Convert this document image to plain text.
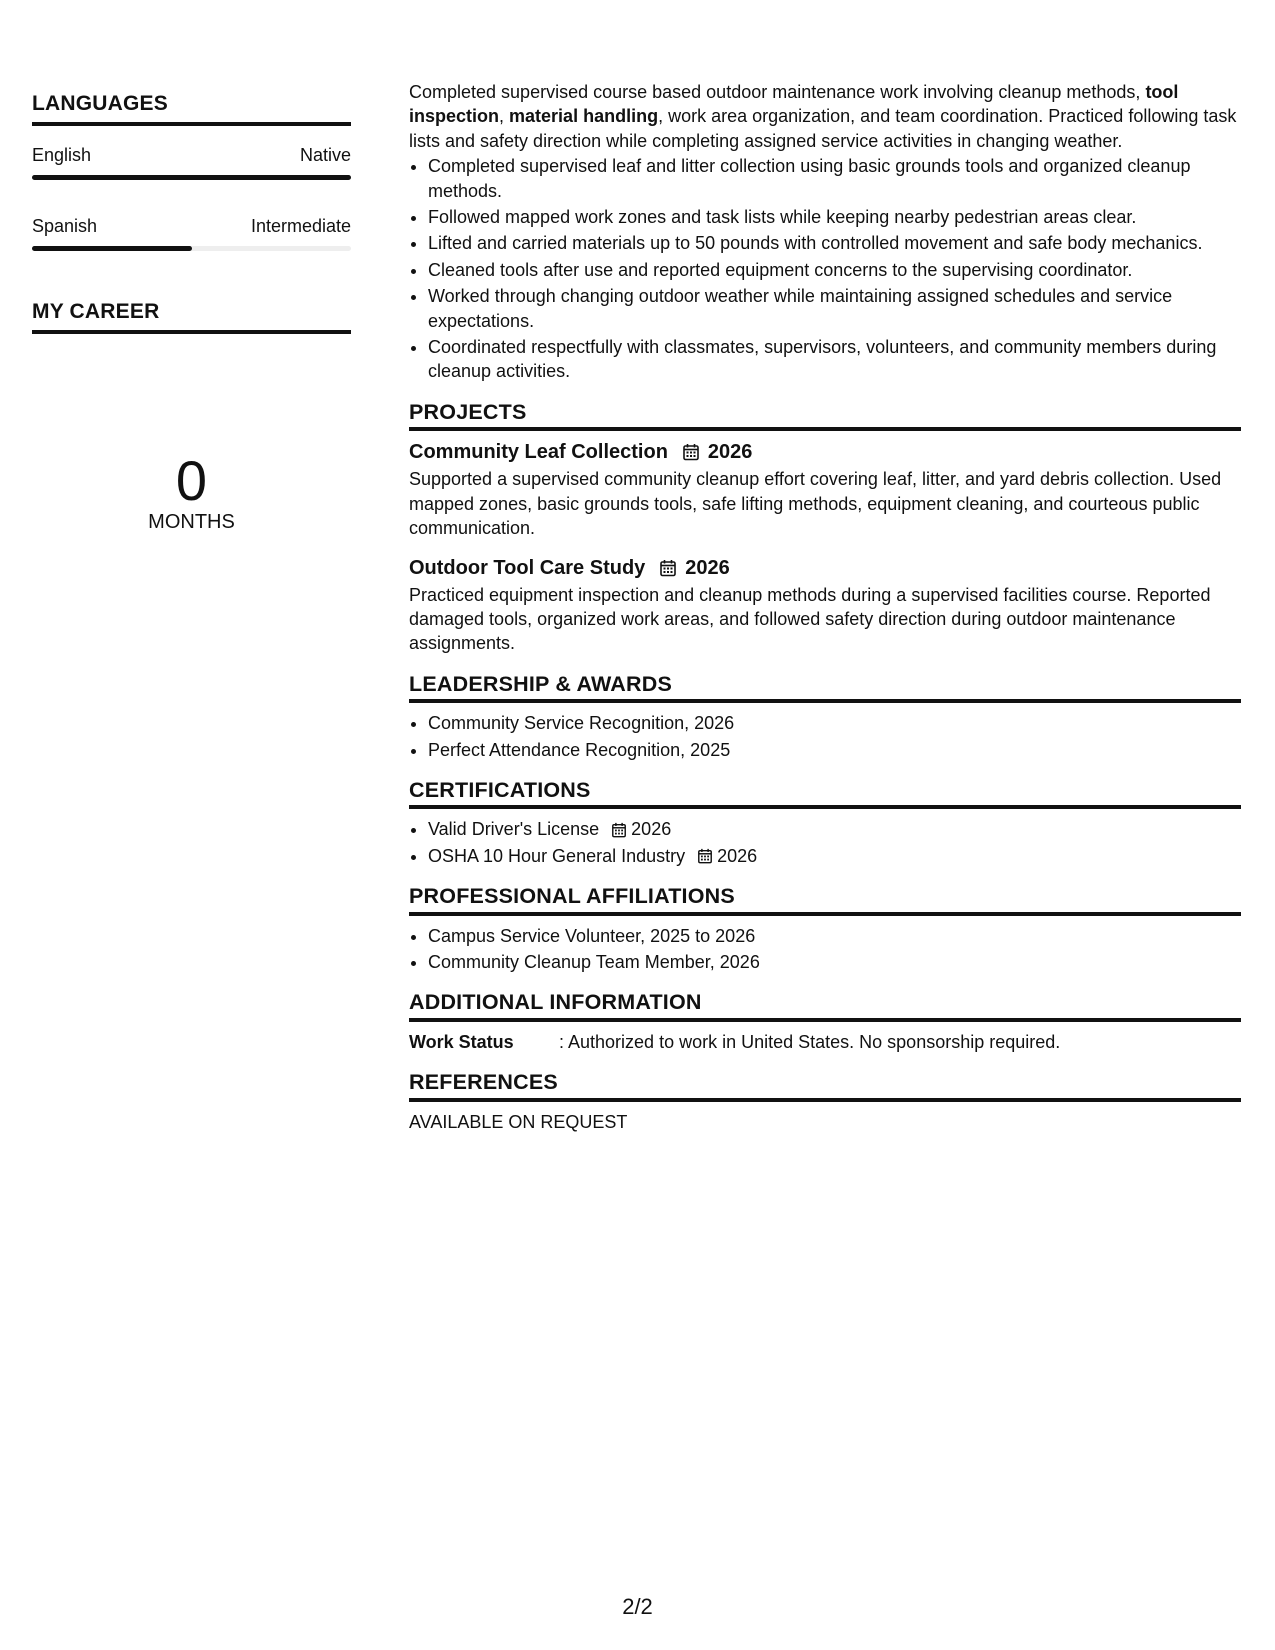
LANGUAGES
English	Native
Spanish	Intermediate
MY CAREER
0
MONTHS

Completed supervised course based outdoor maintenance work involving cleanup methods, tool inspection, material handling, work area organization, and team coordination. Practiced following task lists and safety direction while completing assigned service activities in changing weather.

• Completed supervised leaf and litter collection using basic grounds tools and organized cleanup methods.
• Followed mapped work zones and task lists while keeping nearby pedestrian areas clear.
• Lifted and carried materials up to 50 pounds with controlled movement and safe body mechanics.
• Cleaned tools after use and reported equipment concerns to the supervising coordinator.
• Worked through changing outdoor weather while maintaining assigned schedules and service expectations.
• Coordinated respectfully with classmates, supervisors, volunteers, and community members during cleanup activities.
PROJECTS
Community Leaf Collection 2026

Supported a supervised community cleanup effort covering leaf, litter, and yard debris collection. Used mapped zones, basic grounds tools, safe lifting methods, equipment cleaning, and courteous public communication.

Outdoor Tool Care Study 2026

Practiced equipment inspection and cleanup methods during a supervised facilities course. Reported damaged tools, organized work areas, and followed safety direction during outdoor maintenance assignments.

LEADERSHIP & AWARDS
• Community Service Recognition, 2026
• Perfect Attendance Recognition, 2025
CERTIFICATIONS
• Valid Driver's License 2026
• OSHA 10 Hour General Industry 2026
PROFESSIONAL AFFILIATIONS
• Campus Service Volunteer, 2025 to 2026
• Community Cleanup Team Member, 2026
ADDITIONAL INFORMATION
Work Status	: Authorized to work in United States. No sponsorship required.
REFERENCES
AVAILABLE ON REQUEST
2/2
